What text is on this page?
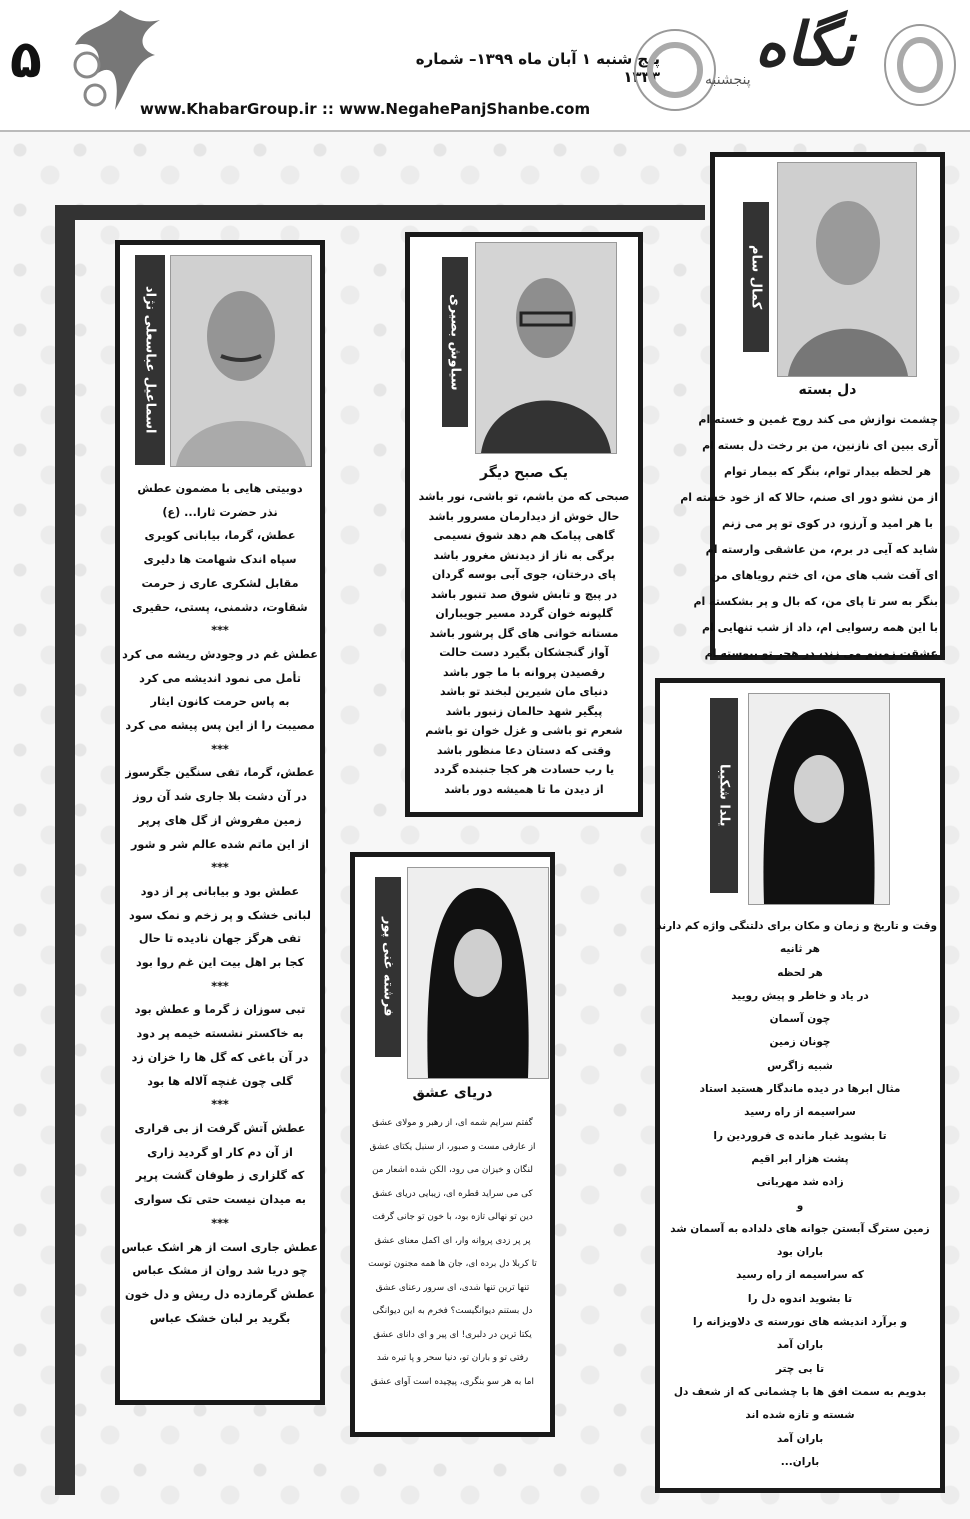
۵	پنج شنبه ۱ آبان ماه ۱۳۹۹– شماره ۱۳۳۳
www.KhabarGroup.ir :: www.NegahePanjShanbe.com
نگاه
پنجشنبه
کمال سام
دل بسته
چشمت نوازش می کند روح غمین و خسته ام
آری ببین ای نازنین، من بر رخت دل بسته ام
هر لحظه بیدار توام، بنگر که بیمار توام
از من نشو دور ای صنم، حالا که از خود خسته ام
با هر امید و آرزو، در کوی تو پر می زنم
شاید که آیی در برم، من عاشقی وارسته ام
ای آفت شب های من، ای ختم رویاهای من
بنگر به سر تا پای من، که بال و پر بشکسته ام
با این همه رسوایی ام، داد از شب تنهایی ام
عشقت زمینم می زند، در هجر تو پیوسته ام
سیاوش بصیری
یک صبح دیگر
صبحی که من باشم، تو باشی، نور باشد
حال خوش از دیدارمان مسرور باشد
گاهی پیامک هم دهد شوق نسیمی
برگی به ناز از دیدنش مغرور باشد
پای درختان، جوی آبی بوسه گردان
در پیچ و تابش شوق صد تنبور باشد
گلپونه خوان گردد مسیر جویباران
مستانه خوانی های گل پرشور باشد
آواز گنجشکان بگیرد دست حالت
رقصیدن پروانه با ما جور باشد
دنیای مان شیرین لبخند تو باشد
پیگیر شهد حالمان زنبور باشد
شعرم تو باشی و غزل خوان تو باشم
وقتی که دستان دعا منظور باشد
یا رب حسادت هر کجا جنبنده گردد
از دیدن ما تا همیشه دور باشد
اسماعیل عباسعلی نژاد
دوبیتی هایی با مضمون عطش
نذر حضرت ثارا... (ع)
عطش، گرما، بیابانی کویری
سپاه اندک شهامت ها دلیری
مقابل لشکری عاری ز حرمت
شقاوت، دشمنی، پستی، حقیری
***
عطش غم در وجودش ریشه می کرد
تأمل می نمود اندیشه می کرد
به پاس حرمت کانون ایثار
مصیبت را از این پس پیشه می کرد
***
عطش، گرما، تفی سنگین جگرسوز
در آن دشت بلا جاری شد آن روز
زمین مفروش از گل های پرپر
از این ماتم شده عالم شر و شور
***
عطش بود و بیابانی پر از دود
لبانی خشک و پر زخم و نمک سود
تفی هرگز جهان نادیده تا حال
کجا بر اهل بیت این غم روا بود
***
تبی سوزان ز گرما و عطش بود
به خاکستر نشسته خیمه پر دود
در آن باغی که گل ها را خزان زد
گلی چون غنچه آلاله ها بود
***
عطش آتش گرفت از بی قراری
از آن دم کار او گردید زاری
که گلزاری ز طوفان گشت پرپر
به میدان نیست حتی تک سواری
***
عطش جاری است از هر اشک عباس
چو دریا شد روان از مشک عباس
عطش گرمازده دل ریش و دل خون
بگرید بر لبان خشک عباس
فرشته غنی پور
دریای عشق
گفتم سرایم شمه ای، از رهبر و مولای عشق
از عارفی مست و صبور، از سنبل یکتای عشق
لنگان و خیزان می رود، الکن شده اشعار من
کی می سراید قطره ای، زیبایی دریای عشق
دین تو نهالی تازه بود، با خون تو جانی گرفت
پر پر زدی پروانه وار، ای اکمل معنای عشق
تا کربلا دل برده ای، جان ها همه مجنون توست
تنها ترین تنها شدی، ای سرور رعنای عشق
دل بستنم دیوانگیست؟ فخرم به این دیوانگی
یکتا ترین در دلبری! ای پیر و ای دانای عشق
رفتی تو و باران تو، دنیا سحر و پا تیره شد
اما به هر سو بنگری، پیچیده است آوای عشق
یلدا شکیبا
وقت و تاریخ و زمان و مکان برای دلتنگی واژه کم دارند
هر ثانیه
هر لحظه
در یاد و خاطر و پیش رویید
چون آسمان
چونان زمین
شبیه زاگرس
مثال ابرها در دیده ماندگار هستید استاد
سراسیمه از راه رسید
تا بشوید غبار مانده ی فروردین را
پشت هزار ابر اقیم
زاده شد مهربانی
و
زمین سترگ آبستن جوانه های دلداده به آسمان شد
باران بود
که سراسیمه از راه رسید
تا بشوید اندوه دل را
و برآرد اندیشه های نورسته ی دلاویزانه را
باران آمد
تا بی چتر
بدویم به سمت افق ها با چشمانی که از شعف دل
شسته و تازه شده اند
باران آمد
باران...
